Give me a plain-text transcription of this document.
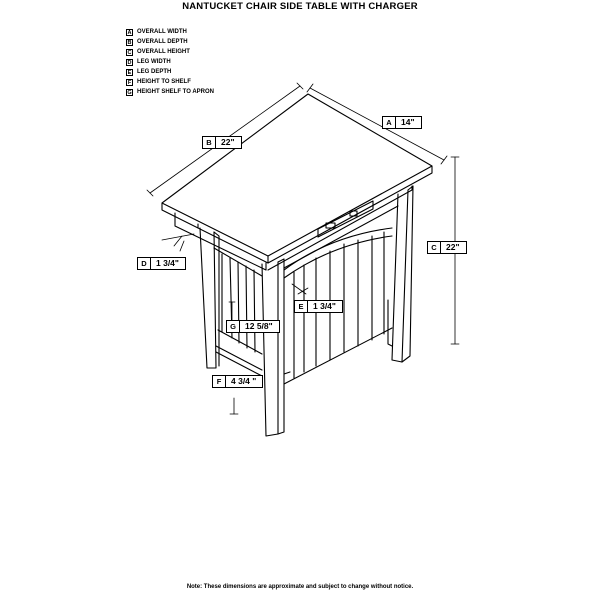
NANTUCKET CHAIR SIDE TABLE WITH CHARGER
A OVERALL WIDTH
B OVERALL DEPTH
C OVERALL HEIGHT
D LEG WIDTH
E LEG DEPTH
F HEIGHT TO SHELF
G HEIGHT SHELF TO APRON
B	22"
A	14"
C	22"
D	1 3/4"
E	1 3/4"
G	12 5/8"
F	4 3/4 "
Note: These dimensions are approximate and subject to change without notice.
